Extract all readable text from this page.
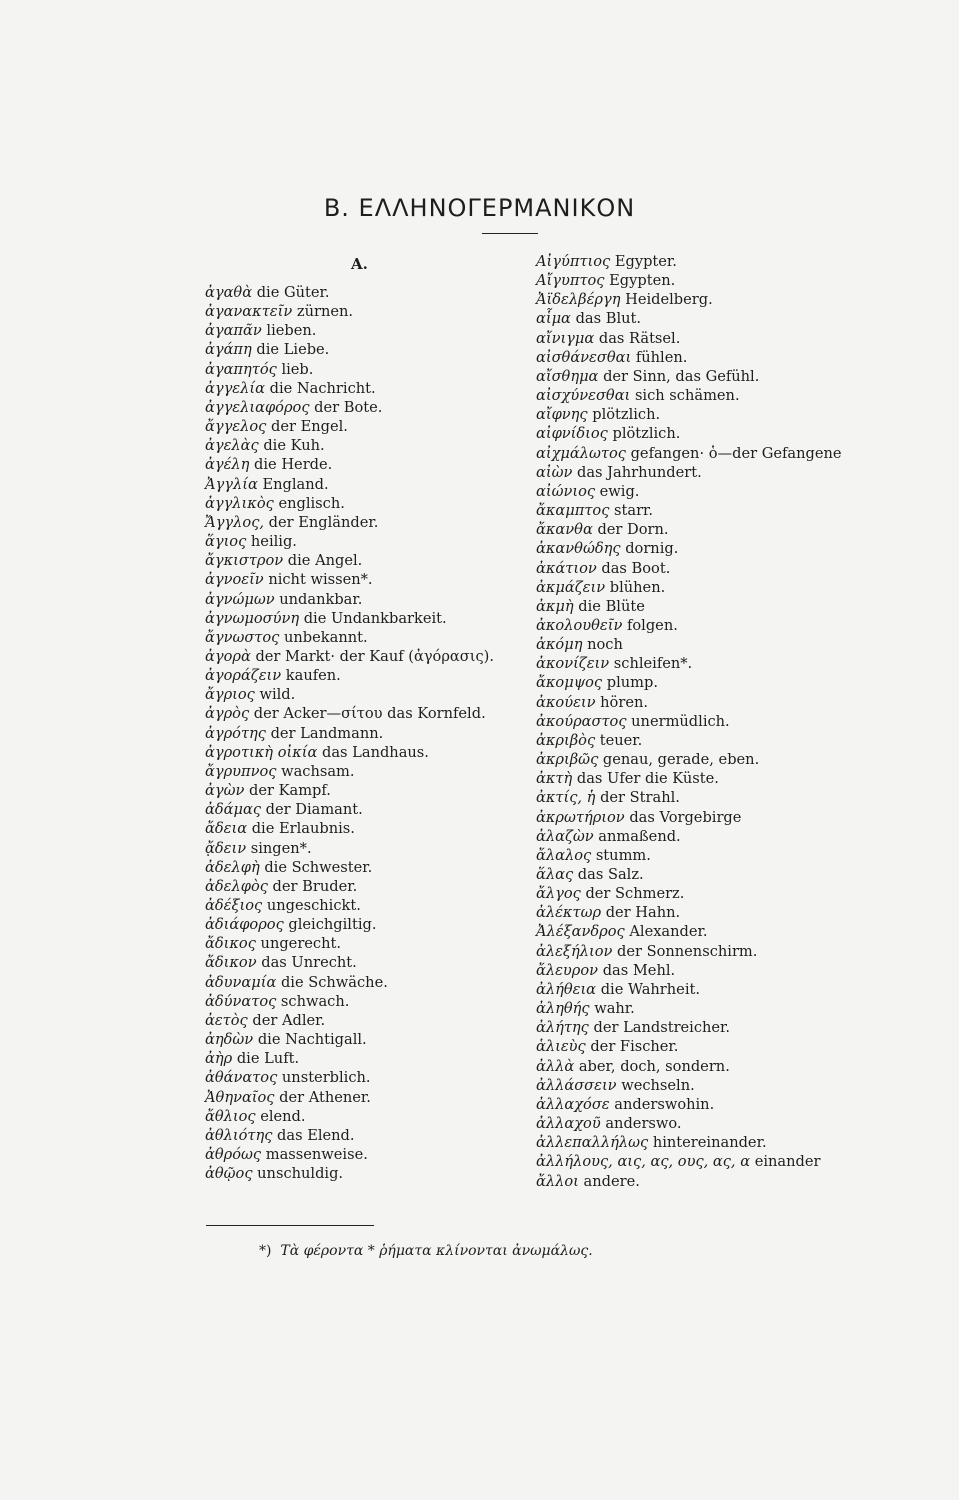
Β. ΕΛΛΗΝΟΓΕΡΜΑΝΙΚΟΝ
A.
ἀγαθὰ die Güter.
ἀγανακτεῖν zürnen.
ἀγαπᾶν lieben.
ἀγάπη die Liebe.
ἀγαπητός lieb.
ἀγγελία die Nachricht.
ἀγγελιαφόρος der Bote.
ἄγγελος der Engel.
ἀγελὰς die Kuh.
ἀγέλη die Herde.
Ἀγγλία England.
ἀγγλικὸς englisch.
Ἄγγλος, der Engländer.
ἅγιος heilig.
ἄγκιστρον die Angel.
ἀγνοεῖν nicht wissen*.
ἀγνώμων undankbar.
ἀγνωμοσύνη die Undankbarkeit.
ἄγνωστος unbekannt.
ἀγορὰ der Markt· der Kauf (ἀγόρασις).
ἀγοράζειν kaufen.
ἄγριος wild.
ἀγρὸς der Acker—σίτου das Kornfeld.
ἀγρότης der Landmann.
ἀγροτικὴ οἰκία das Landhaus.
ἄγρυπνος wachsam.
ἀγὼν der Kampf.
ἀδάμας der Diamant.
ἄδεια die Erlaubnis.
ᾄδειν singen*.
ἀδελφὴ die Schwester.
ἀδελφὸς der Bruder.
ἀδέξιος ungeschickt.
ἀδιάφορος gleichgiltig.
ἄδικος ungerecht.
ἄδικον das Unrecht.
ἀδυναμία die Schwäche.
ἀδύνατος schwach.
ἀετὸς der Adler.
ἀηδὼν die Nachtigall.
ἀὴρ die Luft.
ἀθάνατος unsterblich.
Ἀθηναῖος der Athener.
ἄθλιος elend.
ἀθλιότης das Elend.
ἀθρόως massenweise.
ἀθῷος unschuldig.
Αἰγύπτιος Egypter.
Αἴγυπτος Egypten.
Ἀϊδελβέργη Heidelberg.
αἷμα das Blut.
αἴνιγμα das Rätsel.
αἰσθάνεσθαι fühlen.
αἴσθημα der Sinn, das Gefühl.
αἰσχύνεσθαι sich schämen.
αἴφνης plötzlich.
αἰφνίδιος plötzlich.
αἰχμάλωτος gefangen· ὁ—der Gefangene
αἰὼν das Jahrhundert.
αἰώνιος ewig.
ἄκαμπτος starr.
ἄκανθα der Dorn.
ἀκανθώδης dornig.
ἀκάτιον das Boot.
ἀκμάζειν blühen.
ἀκμὴ die Blüte
ἀκολουθεῖν folgen.
ἀκόμη noch
ἀκονίζειν schleifen*.
ἄκομψος plump.
ἀκούειν hören.
ἀκούραστος unermüdlich.
ἀκριβὸς teuer.
ἀκριβῶς genau, gerade, eben.
ἀκτὴ das Ufer die Küste.
ἀκτίς, ἡ der Strahl.
ἀκρωτήριον das Vorgebirge
ἀλαζὼν anmaßend.
ἄλαλος stumm.
ἅλας das Salz.
ἄλγος der Schmerz.
ἀλέκτωρ der Hahn.
Ἀλέξανδρος Alexander.
ἀλεξήλιον der Sonnenschirm.
ἄλευρον das Mehl.
ἀλήθεια die Wahrheit.
ἀληθής wahr.
ἀλήτης der Landstreicher.
ἁλιεὺς der Fischer.
ἀλλὰ aber, doch, sondern.
ἀλλάσσειν wechseln.
ἀλλαχόσε anderswohin.
ἀλλαχοῦ anderswo.
ἀλλεπαλλήλως hintereinander.
ἀλλήλους, αις, ας, ους, ας, α einander
ἄλλοι andere.
*) Τὰ φέροντα * ῥήματα κλίνονται ἀνωμάλως.
